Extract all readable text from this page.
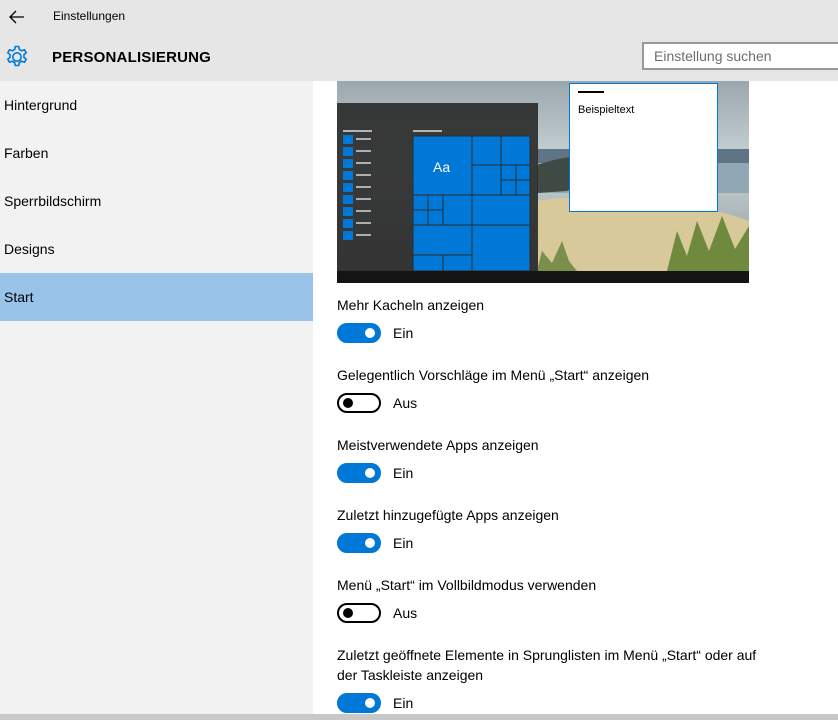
Einstellungen
PERSONALISIERUNG
Einstellung suchen
Hintergrund
Farben
Sperrbildschirm
Designs
Start
Aa
Beispieltext
Mehr Kacheln anzeigen
Ein
Gelegentlich Vorschläge im Menü „Start“ anzeigen
Aus
Meistverwendete Apps anzeigen
Ein
Zuletzt hinzugefügte Apps anzeigen
Ein
Menü „Start“ im Vollbildmodus verwenden
Aus
Zuletzt geöffnete Elemente in Sprunglisten im Menü „Start“ oder auf der Taskleiste anzeigen
Ein
